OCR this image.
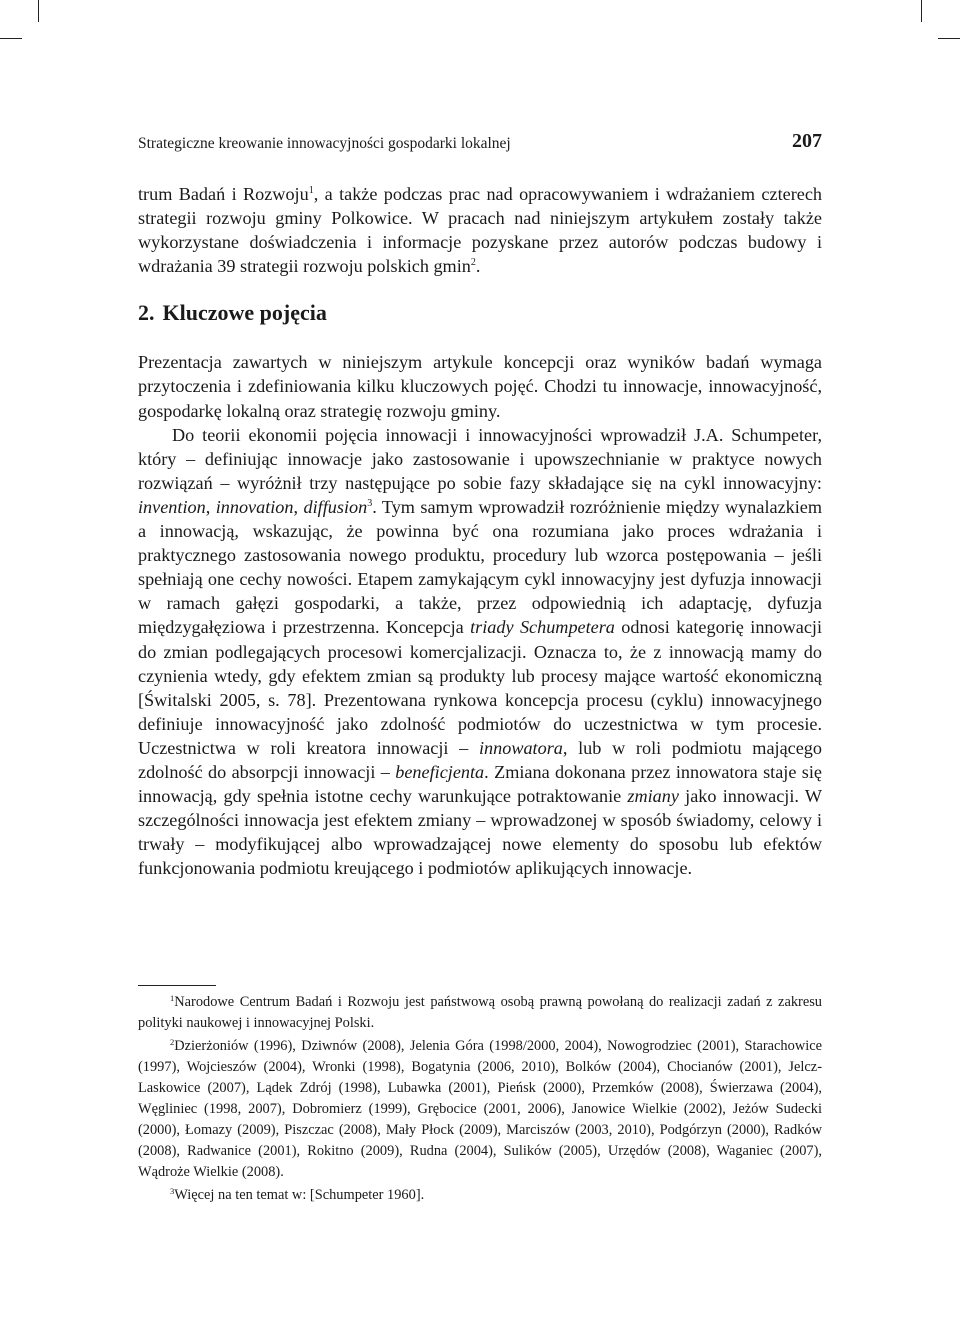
Strategiczne kreowanie innowacyjności gospodarki lokalnej	207

trum Badań i Rozwoju$^1$, a także podczas prac nad opracowywaniem i wdrażaniem czterech strategii rozwoju gminy Polkowice. W pracach nad niniejszym artykułem zostały także wykorzystane doświadczenia i informacje pozyskane przez autorów podczas budowy i wdrażania 39 strategii rozwoju polskich gmin$^2$.

2. Kluczowe pojęcia

Prezentacja zawartych w niniejszym artykule koncepcji oraz wyników badań wymaga przytoczenia i zdefiniowania kilku kluczowych pojęć. Chodzi tu innowacje, innowacyjność, gospodarkę lokalną oraz strategię rozwoju gminy.

Do teorii ekonomii pojęcia innowacji i innowacyjności wprowadził J.A. Schumpeter, który – definiując innowacje jako zastosowanie i upowszechnianie w praktyce nowych rozwiązań – wyróżnił trzy następujące po sobie fazy składające się na cykl innowacyjny: invention, innovation, diffusion$^3$. Tym samym wprowadził rozróżnienie między wynalazkiem a innowacją, wskazując, że powinna być ona rozumiana jako proces wdrażania i praktycznego zastosowania nowego produktu, procedury lub wzorca postępowania – jeśli spełniają one cechy nowości. Etapem zamykającym cykl innowacyjny jest dyfuzja innowacji w ramach gałęzi gospodarki, a także, przez odpowiednią ich adaptację, dyfuzja międzygałęziowa i przestrzenna. Koncepcja triady Schumpetera odnosi kategorię innowacji do zmian podlegających procesowi komercjalizacji. Oznacza to, że z innowacją mamy do czynienia wtedy, gdy efektem zmian są produkty lub procesy mające wartość ekonomiczną [Świtalski 2005, s. 78]. Prezentowana rynkowa koncepcja procesu (cyklu) innowacyjnego definiuje innowacyjność jako zdolność podmiotów do uczestnictwa w tym procesie. Uczestnictwa w roli kreatora innowacji – innowatora, lub w roli podmiotu mającego zdolność do absorpcji innowacji – beneficjenta. Zmiana dokonana przez innowatora staje się innowacją, gdy spełnia istotne cechy warunkujące potraktowanie zmiany jako innowacji. W szczególności innowacja jest efektem zmiany – wprowadzonej w sposób świadomy, celowy i trwały – modyfikującej albo wprowadzającej nowe elementy do sposobu lub efektów funkcjonowania podmiotu kreującego i podmiotów aplikujących innowacje.

$^1$Narodowe Centrum Badań i Rozwoju jest państwową osobą prawną powołaną do realizacji zadań z zakresu polityki naukowej i innowacyjnej Polski.

$^2$Dzierżoniów (1996), Dziwnów (2008), Jelenia Góra (1998/2000, 2004), Nowogrodziec (2001), Starachowice (1997), Wojcieszów (2004), Wronki (1998), Bogatynia (2006, 2010), Bolków (2004), Chocianów (2001), Jelcz-Laskowice (2007), Lądek Zdrój (1998), Lubawka (2001), Pieńsk (2000), Przemków (2008), Świerzawa (2004), Węgliniec (1998, 2007), Dobromierz (1999), Grębocice (2001, 2006), Janowice Wielkie (2002), Jeżów Sudecki (2000), Łomazy (2009), Piszczac (2008), Mały Płock (2009), Marciszów (2003, 2010), Podgórzyn (2000), Radków (2008), Radwanice (2001), Rokitno (2009), Rudna (2004), Sulików (2005), Urzędów (2008), Waganiec (2007), Wądroże Wielkie (2008).

$^3$Więcej na ten temat w: [Schumpeter 1960].
